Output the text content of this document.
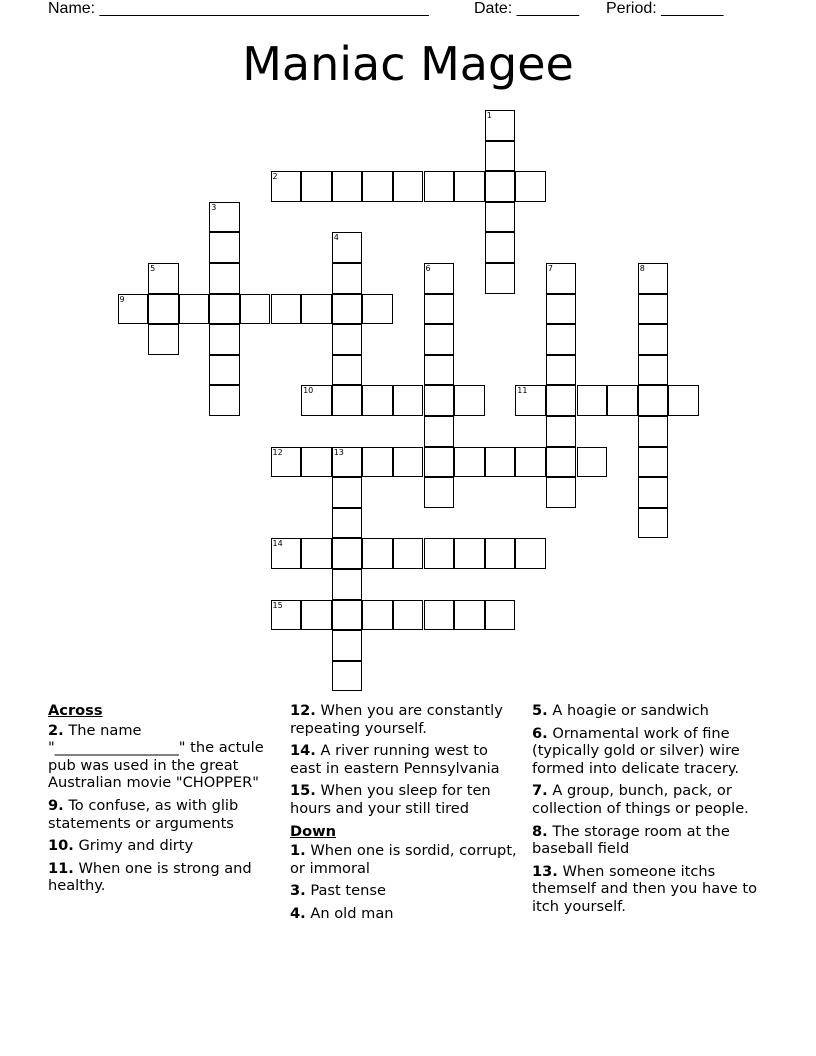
Name: _____________________________________	Date: _______ Period: _______
Maniac Magee
1
2
3
4
5	6	7	8
9
10	11
12	13
14
15
Across
2. The name "_________________" the actule pub was used in the great Australian movie "CHOPPER"
9. To confuse, as with glib statements or arguments
10. Grimy and dirty
11. When one is strong and healthy.
12. When you are constantly repeating yourself.
14. A river running west to east in eastern Pennsylvania
15. When you sleep for ten hours and your still tired
Down
1. When one is sordid, corrupt, or immoral
3. Past tense
4. An old man
5. A hoagie or sandwich
6. Ornamental work of fine (typically gold or silver) wire formed into delicate tracery.
7. A group, bunch, pack, or collection of things or people.
8. The storage room at the baseball field
13. When someone itchs themself and then you have to itch yourself.
